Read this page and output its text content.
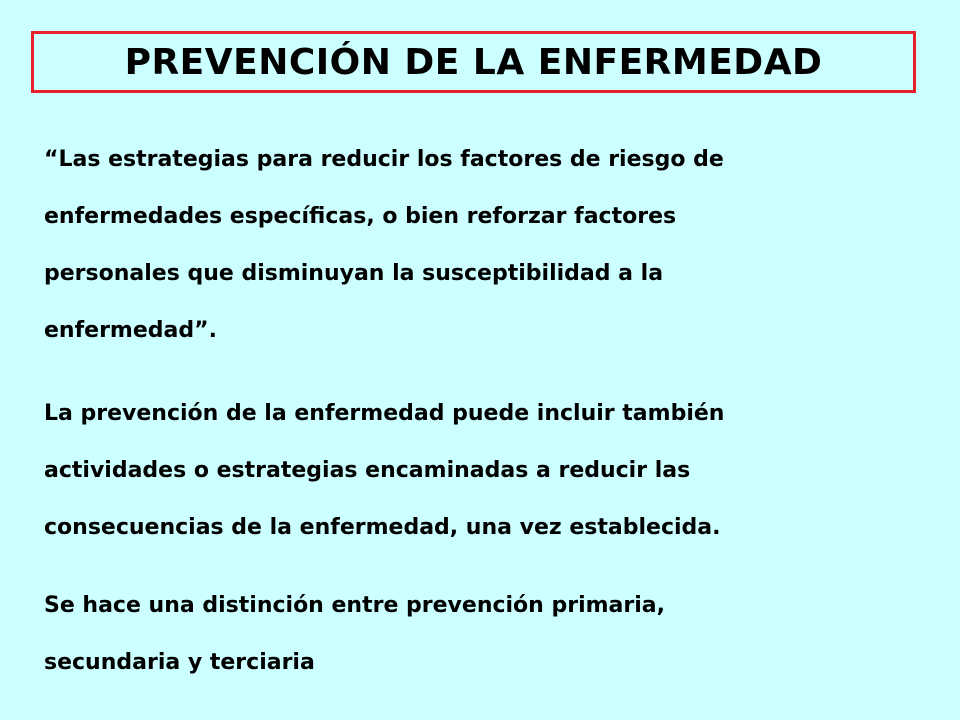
PREVENCIÓN DE LA ENFERMEDAD

“Las estrategias para reducir los factores de riesgo de
enfermedades específicas, o bien reforzar factores
personales que disminuyan la susceptibilidad a la
enfermedad”.

La prevención de la enfermedad puede incluir también
actividades o estrategias encaminadas a reducir las
consecuencias de la enfermedad, una vez establecida.

Se hace una distinción entre prevención primaria,
secundaria y terciaria
